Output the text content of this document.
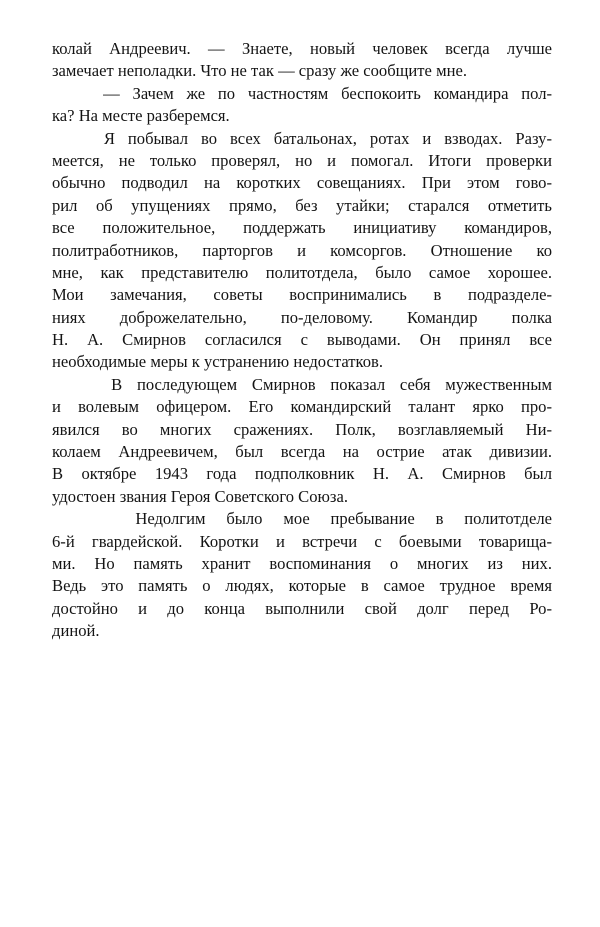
колай Андреевич. — Знаете, новый человек всегда лучше
замечает неполадки. Что не так — сразу же сообщите мне.
— Зачем же по частностям беспокоить командира пол-
ка? На месте разберемся.
Я побывал во всех батальонах, ротах и взводах. Разу-
меется, не только проверял, но и помогал. Итоги проверки
обычно подводил на коротких совещаниях. При этом гово-
рил об упущениях прямо, без утайки; старался отметить
все положительное, поддержать инициативу командиров,
политработников, парторгов и комсоргов. Отношение ко
мне, как представителю политотдела, было самое хорошее.
Мои замечания, советы воспринимались в подразделе-
ниях доброжелательно, по-деловому. Командир полка
Н. А. Смирнов согласился с выводами. Он принял все
необходимые меры к устранению недостатков.
В последующем Смирнов показал себя мужественным
и волевым офицером. Его командирский талант ярко про-
явился во многих сражениях. Полк, возглавляемый Ни-
колаем Андреевичем, был всегда на острие атак дивизии.
В октябре 1943 года подполковник Н. А. Смирнов был
удостоен звания Героя Советского Союза.
Недолгим было мое пребывание в политотделе
6-й гвардейской. Коротки и встречи с боевыми товарища-
ми. Но память хранит воспоминания о многих из них.
Ведь это память о людях, которые в самое трудное время
достойно и до конца выполнили свой долг перед Ро-
диной.
